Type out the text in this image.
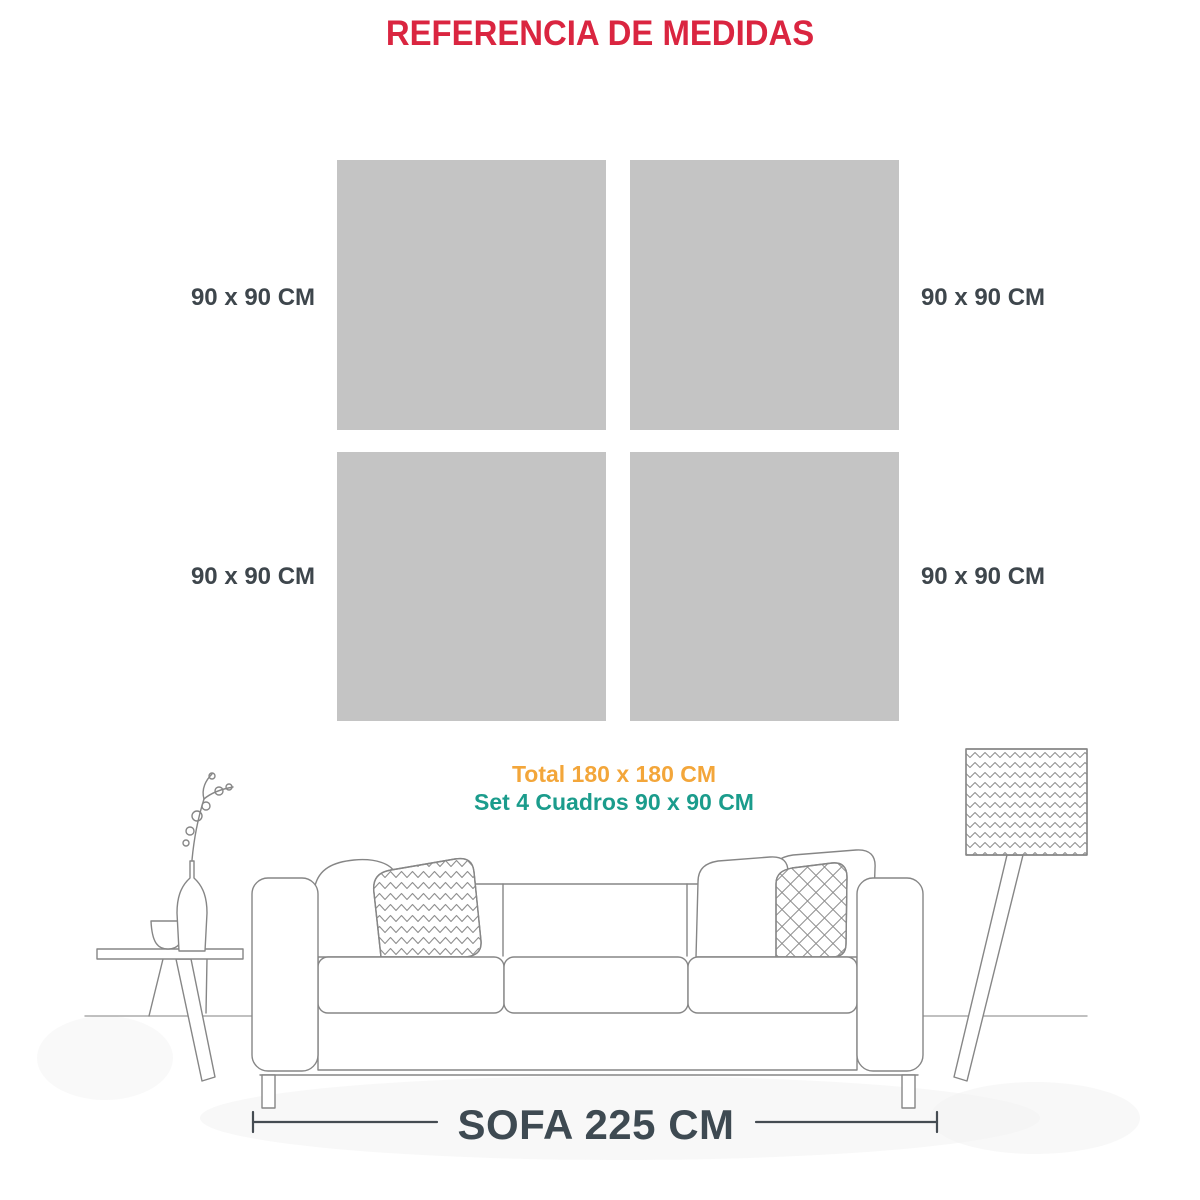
REFERENCIA DE MEDIDAS
90 x 90 CM	90 x 90 CM
90 x 90 CM	90 x 90 CM
Total 180 x 180 CM
Set 4 Cuadros 90 x 90 CM
SOFA 225 CM
